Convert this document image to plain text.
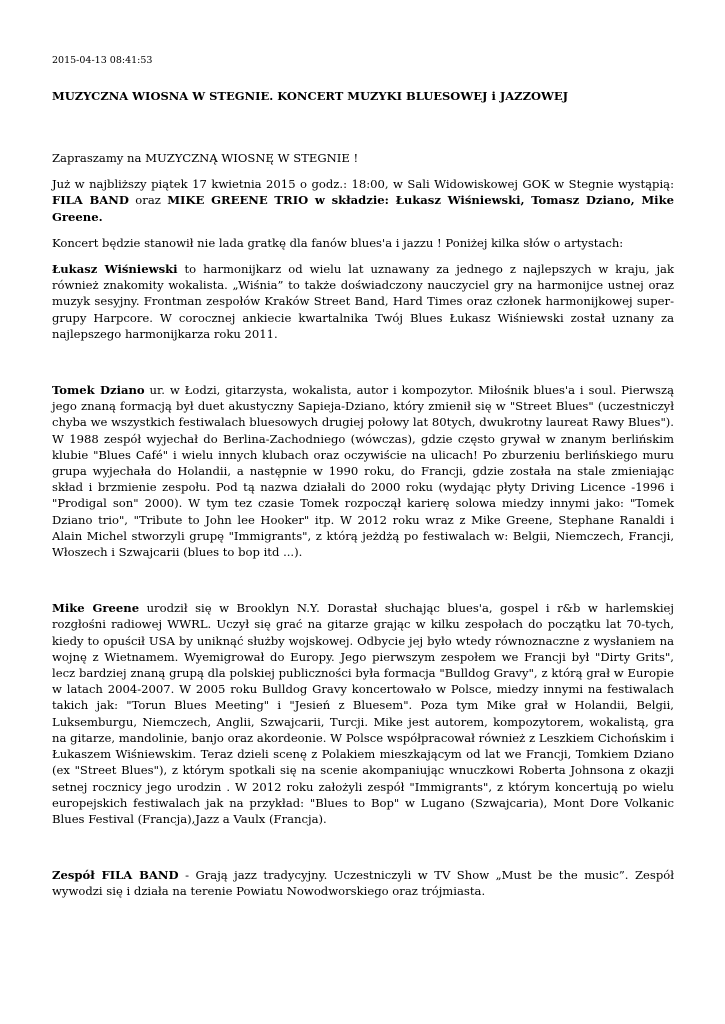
2015-04-13 08:41:53
MUZYCZNA WIOSNA W STEGNIE. KONCERT MUZYKI BLUESOWEJ i JAZZOWEJ

Zapraszamy na MUZYCZNĄ WIOSNĘ W STEGNIE !

Już w najbliższy piątek 17 kwietnia 2015 o godz.: 18:00, w Sali Widowiskowej GOK w Stegnie wystąpią: FILA BAND oraz MIKE GREENE TRIO w składzie: Łukasz Wiśniewski, Tomasz Dziano, Mike Greene.

Koncert będzie stanowił nie lada gratkę dla fanów blues'a i jazzu ! Poniżej kilka słów o artystach:

Łukasz Wiśniewski to harmonijkarz od wielu lat uznawany za jednego z najlepszych w kraju, jak również znakomity wokalista. „Wiśnia” to także doświadczony nauczyciel gry na harmonijce ustnej oraz muzyk sesyjny. Frontman zespołów Kraków Street Band, Hard Times oraz członek harmonijkowej super-grupy Harpcore. W corocznej ankiecie kwartalnika Twój Blues Łukasz Wiśniewski został uznany za najlepszego harmonijkarza roku 2011.

Tomek Dziano ur. w Łodzi, gitarzysta, wokalista, autor i kompozytor. Miłośnik blues'a i soul. Pierwszą jego znaną formacją był duet akustyczny Sapieja-Dziano, który zmienił się w "Street Blues" (uczestniczył chyba we wszystkich festiwalach bluesowych drugiej połowy lat 80tych, dwukrotny laureat Rawy Blues"). W 1988 zespół wyjechał do Berlina-Zachodniego (wówczas), gdzie często grywał w znanym berlińskim klubie "Blues Café" i wielu innych klubach oraz oczywiście na ulicach! Po zburzeniu berlińskiego muru grupa wyjechała do Holandii, a następnie w 1990 roku, do Francji, gdzie została na stale zmieniając skład i brzmienie zespołu. Pod tą nazwa działali do 2000 roku (wydając płyty Driving Licence -1996 i "Prodigal son" 2000). W tym tez czasie Tomek rozpoczął karierę solowa miedzy innymi jako: "Tomek Dziano trio", "Tribute to John lee Hooker" itp. W 2012 roku wraz z Mike Greene, Stephane Ranaldi i Alain Michel stworzyli grupę "Immigrants", z którą jeżdżą po festiwalach w: Belgii, Niemczech, Francji, Włoszech i Szwajcarii (blues to bop itd ...).

Mike Greene urodził się w Brooklyn N.Y. Dorastał słuchając blues'a, gospel i r&b w harlemskiej rozgłośni radiowej WWRL. Uczył się grać na gitarze grając w kilku zespołach do początku lat 70-tych, kiedy to opuścił USA by uniknąć służby wojskowej. Odbycie jej było wtedy równoznaczne z wysłaniem na wojnę z Wietnamem. Wyemigrował do Europy. Jego pierwszym zespołem we Francji był "Dirty Grits", lecz bardziej znaną grupą dla polskiej publiczności była formacja "Bulldog Gravy", z którą grał w Europie w latach 2004-2007. W 2005 roku Bulldog Gravy koncertowało w Polsce, miedzy innymi na festiwalach takich jak: "Torun Blues Meeting" i "Jesień z Bluesem". Poza tym Mike grał w Holandii, Belgii, Luksemburgu, Niemczech, Anglii, Szwajcarii, Turcji. Mike jest autorem, kompozytorem, wokalistą, gra na gitarze, mandolinie, banjo oraz akordeonie. W Polsce współpracował również z Leszkiem Cichońskim i Łukaszem Wiśniewskim. Teraz dzieli scenę z Polakiem mieszkającym od lat we Francji, Tomkiem Dziano (ex "Street Blues"), z którym spotkali się na scenie akompaniując wnuczkowi Roberta Johnsona z okazji setnej rocznicy jego urodzin . W 2012 roku założyli zespół "Immigrants", z którym koncertują po wielu europejskich festiwalach jak na przykład: "Blues to Bop" w Lugano (Szwajcaria), Mont Dore Volkanic Blues Festival (Francja),Jazz a Vaulx (Francja).

Zespół FILA BAND - Grają jazz tradycyjny. Uczestniczyli w TV Show „Must be the music”. Zespół wywodzi się i działa na terenie Powiatu Nowodworskiego oraz trójmiasta.
